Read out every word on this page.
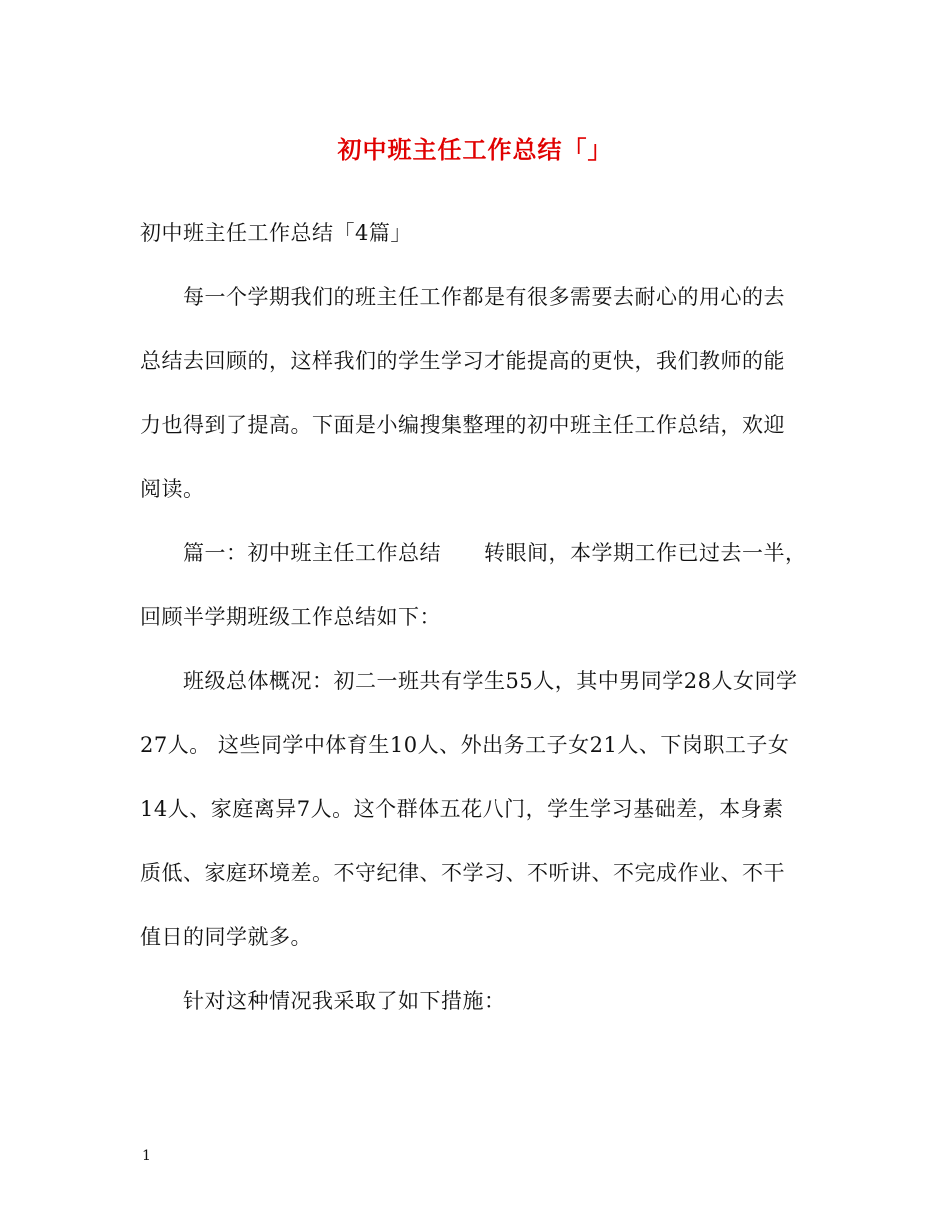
初中班主任工作总结「」
初中班主任工作总结「4篇」
　　每一个学期我们的班主任工作都是有很多需要去耐心的用心的去
总结去回顾的，这样我们的学生学习才能提高的更快，我们教师的能
力也得到了提高。下面是小编搜集整理的初中班主任工作总结，欢迎
阅读。
　　篇一：初中班主任工作总结　　转眼间，本学期工作已过去一半，
回顾半学期班级工作总结如下：
　　班级总体概况：初二一班共有学生55人，其中男同学28人女同学
27人。 这些同学中体育生10人、外出务工子女21人、下岗职工子女
14人、家庭离异7人。这个群体五花八门，学生学习基础差，本身素
质低、家庭环境差。不守纪律、不学习、不听讲、不完成作业、不干
值日的同学就多。
　　针对这种情况我采取了如下措施：
1
